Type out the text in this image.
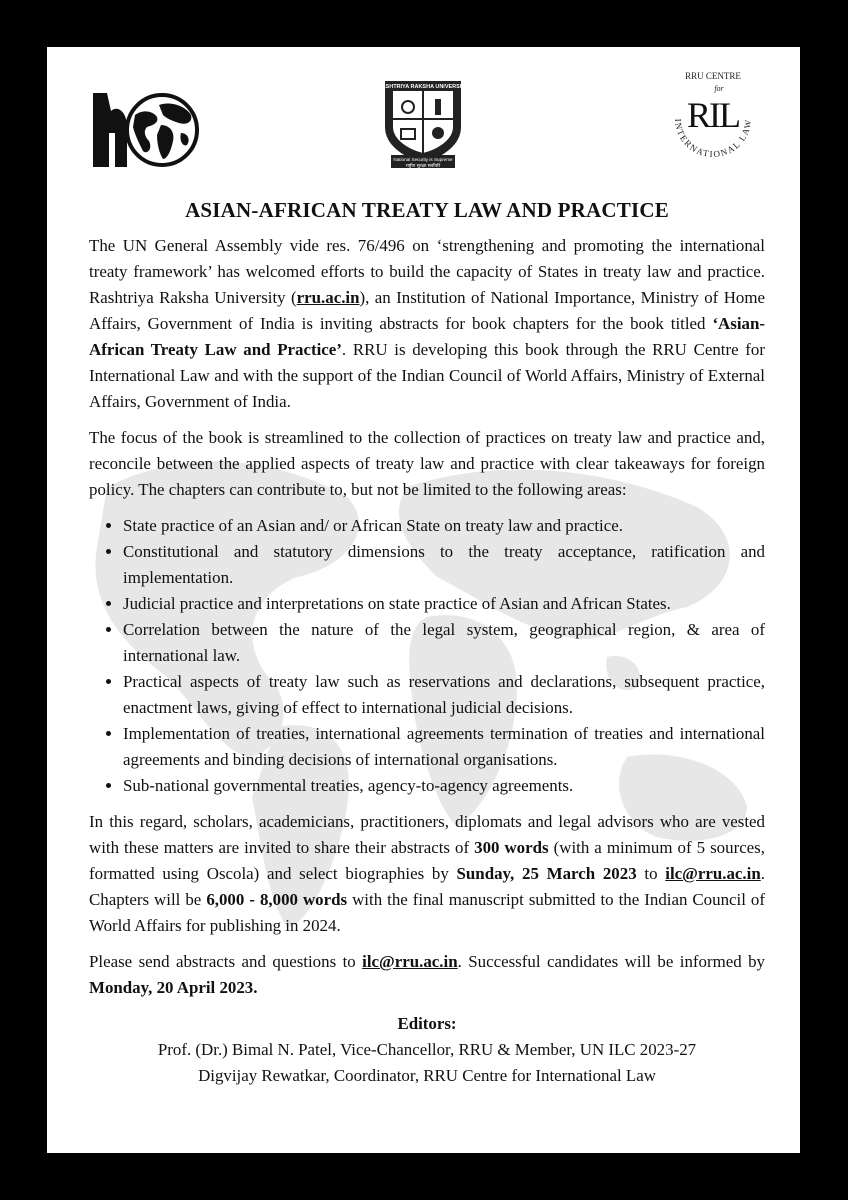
RASHTRIYA RAKSHA UNIVERSITY
National Security is Supreme
राष्ट्रीय सुरक्षा सर्वोपरि
RRU CENTRE
for
RIL
INTERNATIONAL LAW
ASIAN-AFRICAN TREATY LAW AND PRACTICE

The UN General Assembly vide res. 76/496 on ‘strengthening and promoting the international treaty framework’ has welcomed efforts to build the capacity of States in treaty law and practice. Rashtriya Raksha University (rru.ac.in), an Institution of National Importance, Ministry of Home Affairs, Government of India is inviting abstracts for book chapters for the book titled ‘Asian-African Treaty Law and Practice’. RRU is developing this book through the RRU Centre for International Law and with the support of the Indian Council of World Affairs, Ministry of External Affairs, Government of India.

The focus of the book is streamlined to the collection of practices on treaty law and practice and, reconcile between the applied aspects of treaty law and practice with clear takeaways for foreign policy. The chapters can contribute to, but not be limited to the following areas:

• State practice of an Asian and/ or African State on treaty law and practice.
• Constitutional and statutory dimensions to the treaty acceptance, ratification and implementation.
• Judicial practice and interpretations on state practice of Asian and African States.
• Correlation between the nature of the legal system, geographical region, & area of international law.
• Practical aspects of treaty law such as reservations and declarations, subsequent practice, enactment laws, giving of effect to international judicial decisions.
• Implementation of treaties, international agreements termination of treaties and international agreements and binding decisions of international organisations.
• Sub-national governmental treaties, agency-to-agency agreements.

In this regard, scholars, academicians, practitioners, diplomats and legal advisors who are vested with these matters are invited to share their abstracts of 300 words (with a minimum of 5 sources, formatted using Oscola) and select biographies by Sunday, 25 March 2023 to ilc@rru.ac.in. Chapters will be 6,000 - 8,000 words with the final manuscript submitted to the Indian Council of World Affairs for publishing in 2024.

Please send abstracts and questions to ilc@rru.ac.in. Successful candidates will be informed by Monday, 20 April 2023.

Editors:
Prof. (Dr.) Bimal N. Patel, Vice-Chancellor, RRU & Member, UN ILC 2023-27
Digvijay Rewatkar, Coordinator, RRU Centre for International Law
